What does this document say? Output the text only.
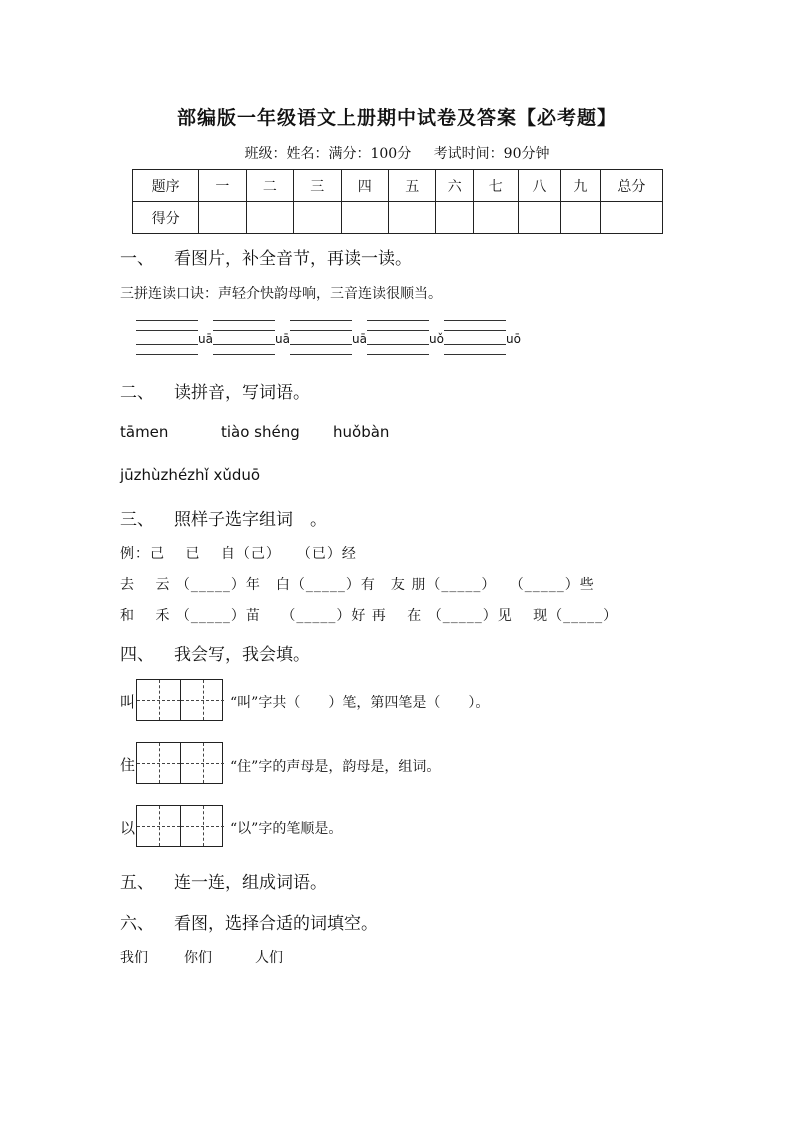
部编版一年级语文上册期中试卷及答案【必考题】
班级：姓名：满分：100分 考试时间：90分钟
题序	一	二	三	四	五	六	七	八	九	总分
得分										
一、 看图片，补全音节，再读一读。
三拼连读口诀：声轻介快韵母响，三音连读很顺当。
uā	uā	uā	uǒ	uō
二、 读拼音，写词语。
tāmen	tiào shéng huǒbàn
jūzhùzhézhǐ xǔduō
三、 照样子选字组词　。
例：己　 已　 自（己）　　（已）经
去　 云 （_____）年　白（_____）有　友 朋（_____）　 （_____）些
和　 禾 （_____）苗　 （_____）好 再　 在 （_____）见　 现（_____）
四、 我会写，我会填。
叫	“叫”字共（　　）笔，第四笔是（　　）。
住	“住”字的声母是，韵母是，组词。
以	“以”字的笔顺是。
五、 连一连，组成词语。
六、 看图，选择合适的词填空。
我们	你们	人们
